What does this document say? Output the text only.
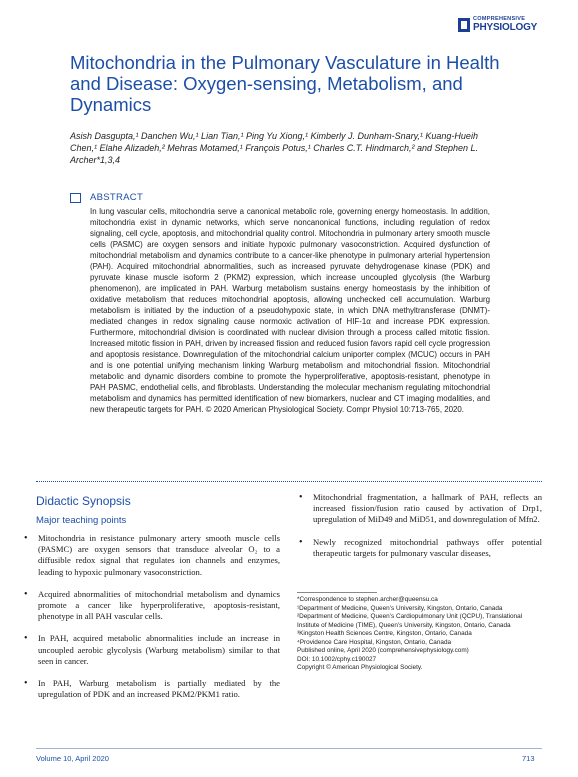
COMPREHENSIVE
PHYSIOLOGY
Mitochondria in the Pulmonary Vasculature in Health and Disease: Oxygen-sensing, Metabolism, and Dynamics
Asish Dasgupta,¹ Danchen Wu,¹ Lian Tian,¹ Ping Yu Xiong,¹ Kimberly J. Dunham-Snary,¹ Kuang-Hueih Chen,¹ Elahe Alizadeh,² Mehras Motamed,¹ François Potus,¹ Charles C.T. Hindmarch,² and Stephen L. Archer*1,3,4
ABSTRACT

In lung vascular cells, mitochondria serve a canonical metabolic role, governing energy homeostasis. In addition, mitochondria exist in dynamic networks, which serve noncanonical functions, including regulation of redox signaling, cell cycle, apoptosis, and mitochondrial quality control. Mitochondria in pulmonary artery smooth muscle cells (PASMC) are oxygen sensors and initiate hypoxic pulmonary vasoconstriction. Acquired dysfunction of mitochondrial metabolism and dynamics contribute to a cancer-like phenotype in pulmonary arterial hypertension (PAH). Acquired mitochondrial abnormalities, such as increased pyruvate dehydrogenase kinase (PDK) and pyruvate kinase muscle isoform 2 (PKM2) expression, which increase uncoupled glycolysis (the Warburg phenomenon), are implicated in PAH. Warburg metabolism sustains energy homeostasis by the inhibition of oxidative metabolism that reduces mitochondrial apoptosis, allowing unchecked cell accumulation. Warburg metabolism is initiated by the induction of a pseudohypoxic state, in which DNA methyltransferase (DNMT)-mediated changes in redox signaling cause normoxic activation of HIF-1α and increase PDK expression. Furthermore, mitochondrial division is coordinated with nuclear division through a process called mitotic fission. Increased mitotic fission in PAH, driven by increased fission and reduced fusion favors rapid cell cycle progression and apoptosis resistance. Downregulation of the mitochondrial calcium uniporter complex (MCUC) occurs in PAH and is one potential unifying mechanism linking Warburg metabolism and mitochondrial fission. Mitochondrial metabolic and dynamic disorders combine to promote the hyperproliferative, apoptosis-resistant, phenotype in PAH PASMC, endothelial cells, and fibroblasts. Understanding the molecular mechanism regulating mitochondrial metabolism and dynamics has permitted identification of new biomarkers, nuclear and CT imaging modalities, and new therapeutic targets for PAH. © 2020 American Physiological Society. Compr Physiol 10:713-765, 2020.

Didactic Synopsis
Major teaching points
• Mitochondria in resistance pulmonary artery smooth muscle cells (PASMC) are oxygen sensors that transduce alveolar O₂ to a diffusible redox signal that regulates ion channels and enzymes, leading to hypoxic pulmonary vasoconstriction.
• Acquired abnormalities of mitochondrial metabolism and dynamics promote a cancer like hyperproliferative, apoptosis-resistant, phenotype in all PAH vascular cells.
• In PAH, acquired metabolic abnormalities include an increase in uncoupled aerobic glycolysis (Warburg metabolism) similar to that seen in cancer.
• In PAH, Warburg metabolism is partially mediated by the upregulation of PDK and an increased PKM2/PKM1 ratio.
• Mitochondrial fragmentation, a hallmark of PAH, reflects an increased fission/fusion ratio caused by activation of Drp1, upregulation of MiD49 and MiD51, and downregulation of Mfn2.
• Newly recognized mitochondrial pathways offer potential therapeutic targets for pulmonary vascular diseases,
*Correspondence to stephen.archer@queensu.ca
¹Department of Medicine, Queen’s University, Kingston, Ontario, Canada
²Department of Medicine, Queen’s Cardiopulmonary Unit (QCPU), Translational Institute of Medicine (TIME), Queen’s University, Kingston, Ontario, Canada
³Kingston Health Sciences Centre, Kingston, Ontario, Canada
⁴Providence Care Hospital, Kingston, Ontario, Canada
Published online, April 2020 (comprehensivephysiology.com)
DOI: 10.1002/cphy.c190027
Copyright © American Physiological Society.
Volume 10, April 2020	713
